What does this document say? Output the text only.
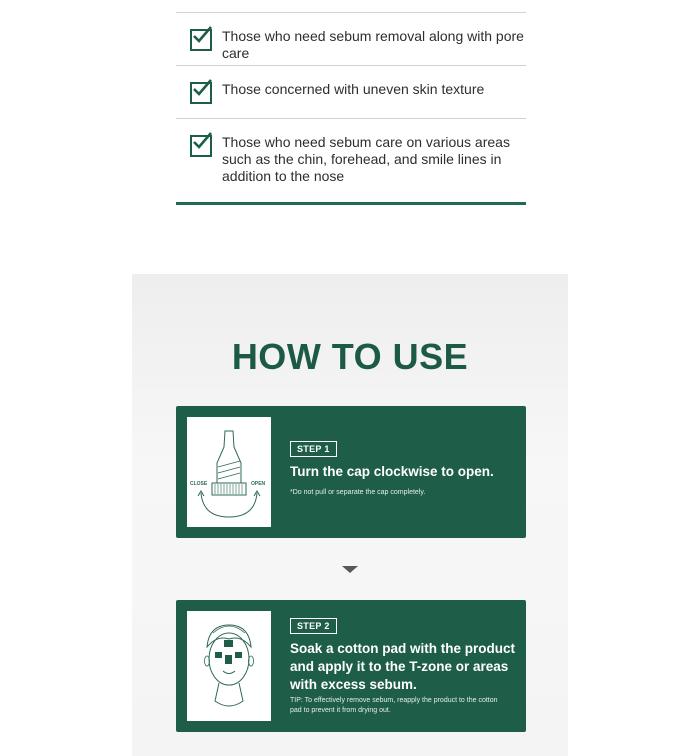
Those who need sebum removal along with pore care
Those concerned with uneven skin texture
Those who need sebum care on various areas such as the chin, forehead, and smile lines in addition to the nose
HOW TO USE
CLOSE	OPEN
STEP 1
Turn the cap clockwise to open.
*Do not pull or separate the cap completely.
STEP 2
Soak a cotton pad with the product and apply it to the T-zone or areas with excess sebum.
TIP: To effectively remove sebum, reapply the product to the cotton pad to prevent it from drying out.
